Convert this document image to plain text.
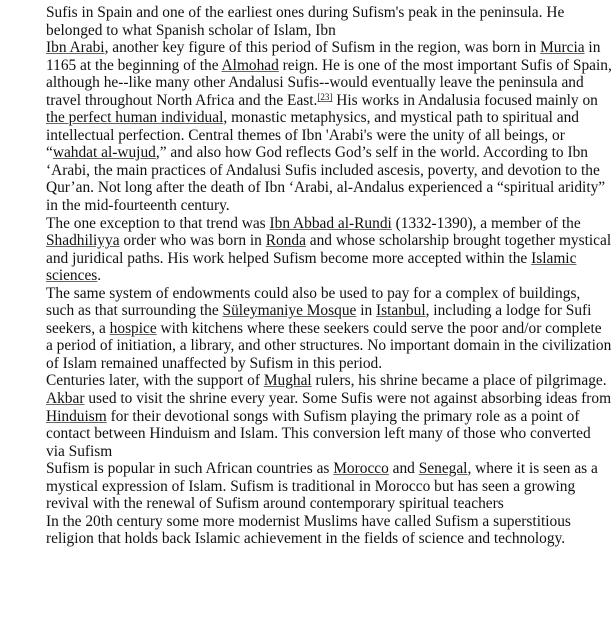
Sufis in Spain and one of the earliest ones during Sufism's peak in the peninsula. He belonged to what Spanish scholar of Islam, Ibn

Ibn Arabi, another key figure of this period of Sufism in the region, was born in Murcia in 1165 at the beginning of the Almohad reign. He is one of the most important Sufis of Spain, although he--like many other Andalusi Sufis--would eventually leave the peninsula and travel throughout North Africa and the East.[23] His works in Andalusia focused mainly on the perfect human individual, monastic metaphysics, and mystical path to spiritual and intellectual perfection. Central themes of Ibn 'Arabi's were the unity of all beings, or “wahdat al-wujud,” and also how God reflects God’s self in the world. According to Ibn ‘Arabi, the main practices of Andalusi Sufis included ascesis, poverty, and devotion to the Qur’an. Not long after the death of Ibn ‘Arabi, al-Andalus experienced a “spiritual aridity” in the mid-fourteenth century.

The one exception to that trend was Ibn Abbad al-Rundi (1332-1390), a member of the Shadhiliyya order who was born in Ronda and whose scholarship brought together mystical and juridical paths. His work helped Sufism become more accepted within the Islamic sciences.

The same system of endowments could also be used to pay for a complex of buildings, such as that surrounding the Süleymaniye Mosque in Istanbul, including a lodge for Sufi seekers, a hospice with kitchens where these seekers could serve the poor and/or complete a period of initiation, a library, and other structures. No important domain in the civilization of Islam remained unaffected by Sufism in this period.

Centuries later, with the support of Mughal rulers, his shrine became a place of pilgrimage. Akbar used to visit the shrine every year. Some Sufis were not against absorbing ideas from Hinduism for their devotional songs with Sufism playing the primary role as a point of contact between Hinduism and Islam. This conversion left many of those who converted via Sufism

Sufism is popular in such African countries as Morocco and Senegal, where it is seen as a mystical expression of Islam. Sufism is traditional in Morocco but has seen a growing revival with the renewal of Sufism around contemporary spiritual teachers

In the 20th century some more modernist Muslims have called Sufism a superstitious religion that holds back Islamic achievement in the fields of science and technology.
